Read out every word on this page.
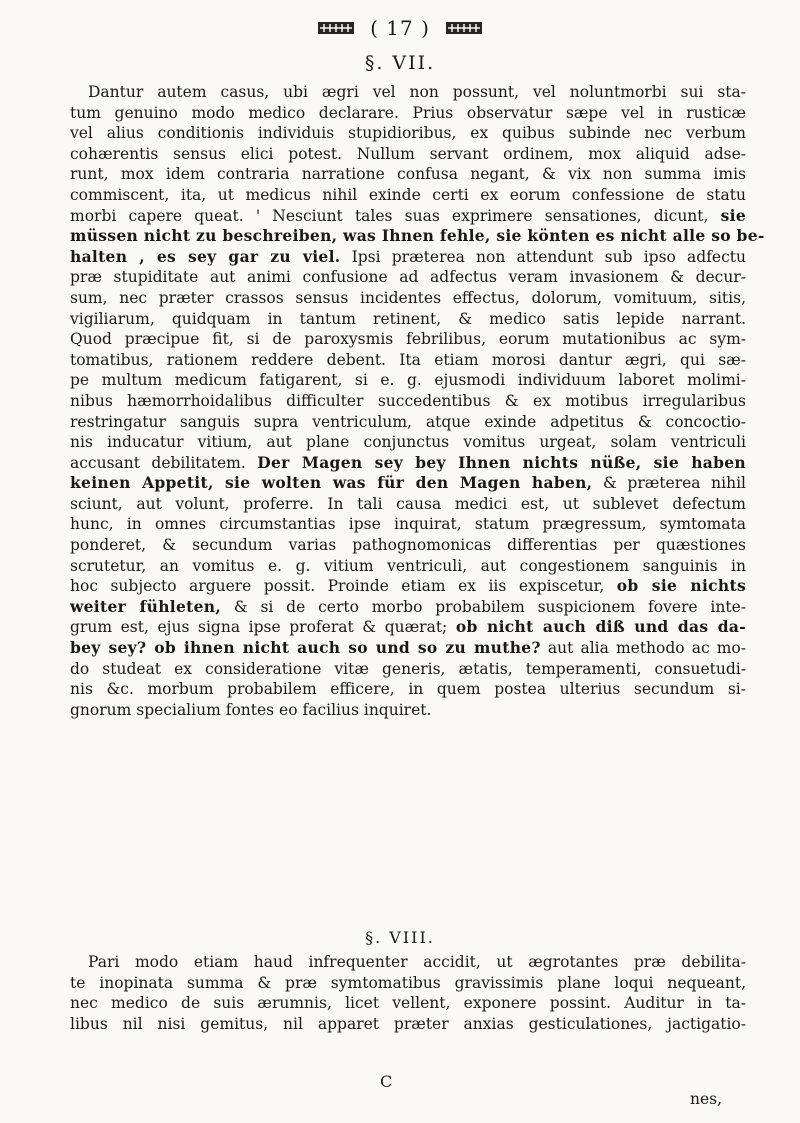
( 17 )
§. VII.
Dantur autem casus, ubi ægri vel non possunt, vel noluntmorbi sui sta-
tum genuino modo medico declarare. Prius observatur sæpe vel in rusticæ
vel alius conditionis individuis stupidioribus, ex quibus subinde nec verbum
cohærentis sensus elici potest. Nullum servant ordinem, mox aliquid adse-
runt, mox idem contraria narratione confusa negant, & vix non summa imis
commiscent, ita, ut medicus nihil exinde certi ex eorum confessione de statu
morbi capere queat. ' Nesciunt tales suas exprimere sensationes, dicunt, sie
müssen nicht zu beschreiben, was Ihnen fehle, sie könten es nicht alle so be-
halten , es sey gar zu viel. Ipsi præterea non attendunt sub ipso adfectu
præ stupiditate aut animi confusione ad adfectus veram invasionem & decur-
sum, nec præter crassos sensus incidentes effectus, dolorum, vomituum, sitis,
vigiliarum, quidquam in tantum retinent, & medico satis lepide narrant.
Quod præcipue fit, si de paroxysmis febrilibus, eorum mutationibus ac sym-
tomatibus, rationem reddere debent. Ita etiam morosi dantur ægri, qui sæ-
pe multum medicum fatigarent, si e. g. ejusmodi individuum laboret molimi-
nibus hæmorrhoidalibus difficulter succedentibus & ex motibus irregularibus
restringatur sanguis supra ventriculum, atque exinde adpetitus & concoctio-
nis inducatur vitium, aut plane conjunctus vomitus urgeat, solam ventriculi
accusant debilitatem. Der Magen sey bey Ihnen nichts nüße, sie haben
keinen Appetit, sie wolten was für den Magen haben, & præterea nihil
sciunt, aut volunt, proferre. In tali causa medici est, ut sublevet defectum
hunc, in omnes circumstantias ipse inquirat, statum prægressum, symtomata
ponderet, & secundum varias pathognomonicas differentias per quæstiones
scrutetur, an vomitus e. g. vitium ventriculi, aut congestionem sanguinis in
hoc subjecto arguere possit. Proinde etiam ex iis expiscetur, ob sie nichts
weiter fühleten, & si de certo morbo probabilem suspicionem fovere inte-
grum est, ejus signa ipse proferat & quærat; ob nicht auch diß und das da-
bey sey? ob ihnen nicht auch so und so zu muthe? aut alia methodo ac mo-
do studeat ex consideratione vitæ generis, ætatis, temperamenti, consuetudi-
nis &c. morbum probabilem efficere, in quem postea ulterius secundum si-
gnorum specialium fontes eo facilius inquiret.
§. VIII.
Pari modo etiam haud infrequenter accidit, ut ægrotantes præ debilita-
te inopinata summa & præ symtomatibus gravissimis plane loqui nequeant,
nec medico de suis ærumnis, licet vellent, exponere possint. Auditur in ta-
libus nil nisi gemitus, nil apparet præter anxias gesticulationes, jactigatio-
C
nes,
